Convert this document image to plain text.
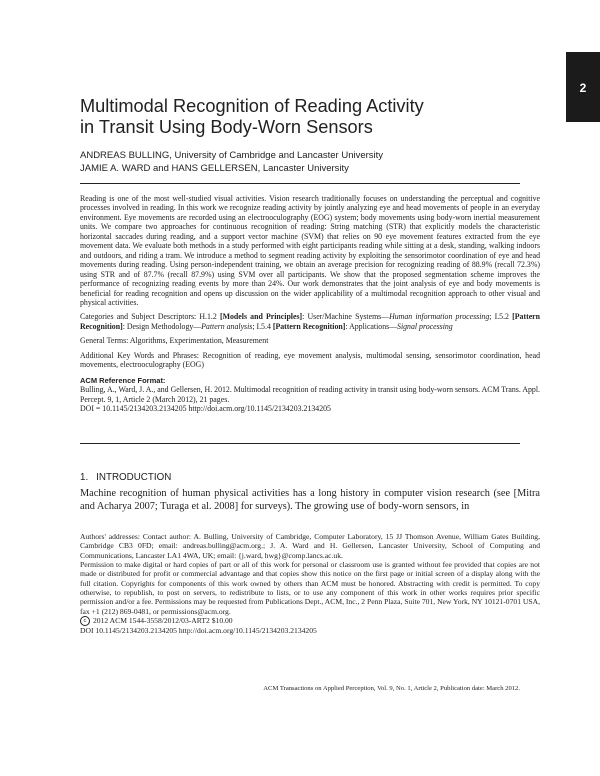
2
Multimodal Recognition of Reading Activity
in Transit Using Body-Worn Sensors
ANDREAS BULLING, University of Cambridge and Lancaster University
JAMIE A. WARD and HANS GELLERSEN, Lancaster University

Reading is one of the most well-studied visual activities. Vision research traditionally focuses on understanding the perceptual and cognitive processes involved in reading. In this work we recognize reading activity by jointly analyzing eye and head movements of people in an everyday environment. Eye movements are recorded using an electrooculography (EOG) system; body movements using body-worn inertial measurement units. We compare two approaches for continuous recognition of reading: String matching (STR) that explicitly models the characteristic horizontal saccades during reading, and a support vector machine (SVM) that relies on 90 eye movement features extracted from the eye movement data. We evaluate both methods in a study performed with eight participants reading while sitting at a desk, standing, walking indoors and outdoors, and riding a tram. We introduce a method to segment reading activity by exploiting the sensorimotor coordination of eye and head movements during reading. Using person-independent training, we obtain an average precision for recognizing reading of 88.9% (recall 72.3%) using STR and of 87.7% (recall 87.9%) using SVM over all participants. We show that the proposed segmentation scheme improves the performance of recognizing reading events by more than 24%. Our work demonstrates that the joint analysis of eye and body movements is beneficial for reading recognition and opens up discussion on the wider applicability of a multimodal recognition approach to other visual and physical activities.

Categories and Subject Descriptors: H.1.2 [Models and Principles]: User/Machine Systems—Human information processing; I.5.2 [Pattern Recognition]: Design Methodology—Pattern analysis; I.5.4 [Pattern Recognition]: Applications—Signal processing

General Terms: Algorithms, Experimentation, Measurement

Additional Key Words and Phrases: Recognition of reading, eye movement analysis, multimodal sensing, sensorimotor coordination, head movements, electrooculography (EOG)

ACM Reference Format:

Bulling, A., Ward, J. A., and Gellersen, H. 2012. Multimodal recognition of reading activity in transit using body-worn sensors. ACM Trans. Appl. Percept. 9, 1, Article 2 (March 2012), 21 pages.
DOI = 10.1145/2134203.2134205 http://doi.acm.org/10.1145/2134203.2134205

1. INTRODUCTION

Machine recognition of human physical activities has a long history in computer vision research (see [Mitra and Acharya 2007; Turaga et al. 2008] for surveys). The growing use of body-worn sensors, in

Authors' addresses: Contact author: A. Bulling, University of Cambridge, Computer Laboratory, 15 JJ Thomson Avenue, William Gates Building, Cambridge CB3 0FD; email: andreas.bulling@acm.org.; J. A. Ward and H. Gellersen, Lancaster University, School of Computing and Communications, Lancaster LA1 4WA, UK; email: {j.ward, hwg}@comp.lancs.ac.uk.

Permission to make digital or hard copies of part or all of this work for personal or classroom use is granted without fee provided that copies are not made or distributed for profit or commercial advantage and that copies show this notice on the first page or initial screen of a display along with the full citation. Copyrights for components of this work owned by others than ACM must be honored. Abstracting with credit is permitted. To copy otherwise, to republish, to post on servers, to redistribute to lists, or to use any component of this work in other works requires prior specific permission and/or a fee. Permissions may be requested from Publications Dept., ACM, Inc., 2 Penn Plaza, Suite 701, New York, NY 10121-0701 USA, fax +1 (212) 869-0481, or permissions@acm.org.

c 2012 ACM 1544-3558/2012/03-ART2 $10.00

DOI 10.1145/2134203.2134205 http://doi.acm.org/10.1145/2134203.2134205

ACM Transactions on Applied Perception, Vol. 9, No. 1, Article 2, Publication date: March 2012.
